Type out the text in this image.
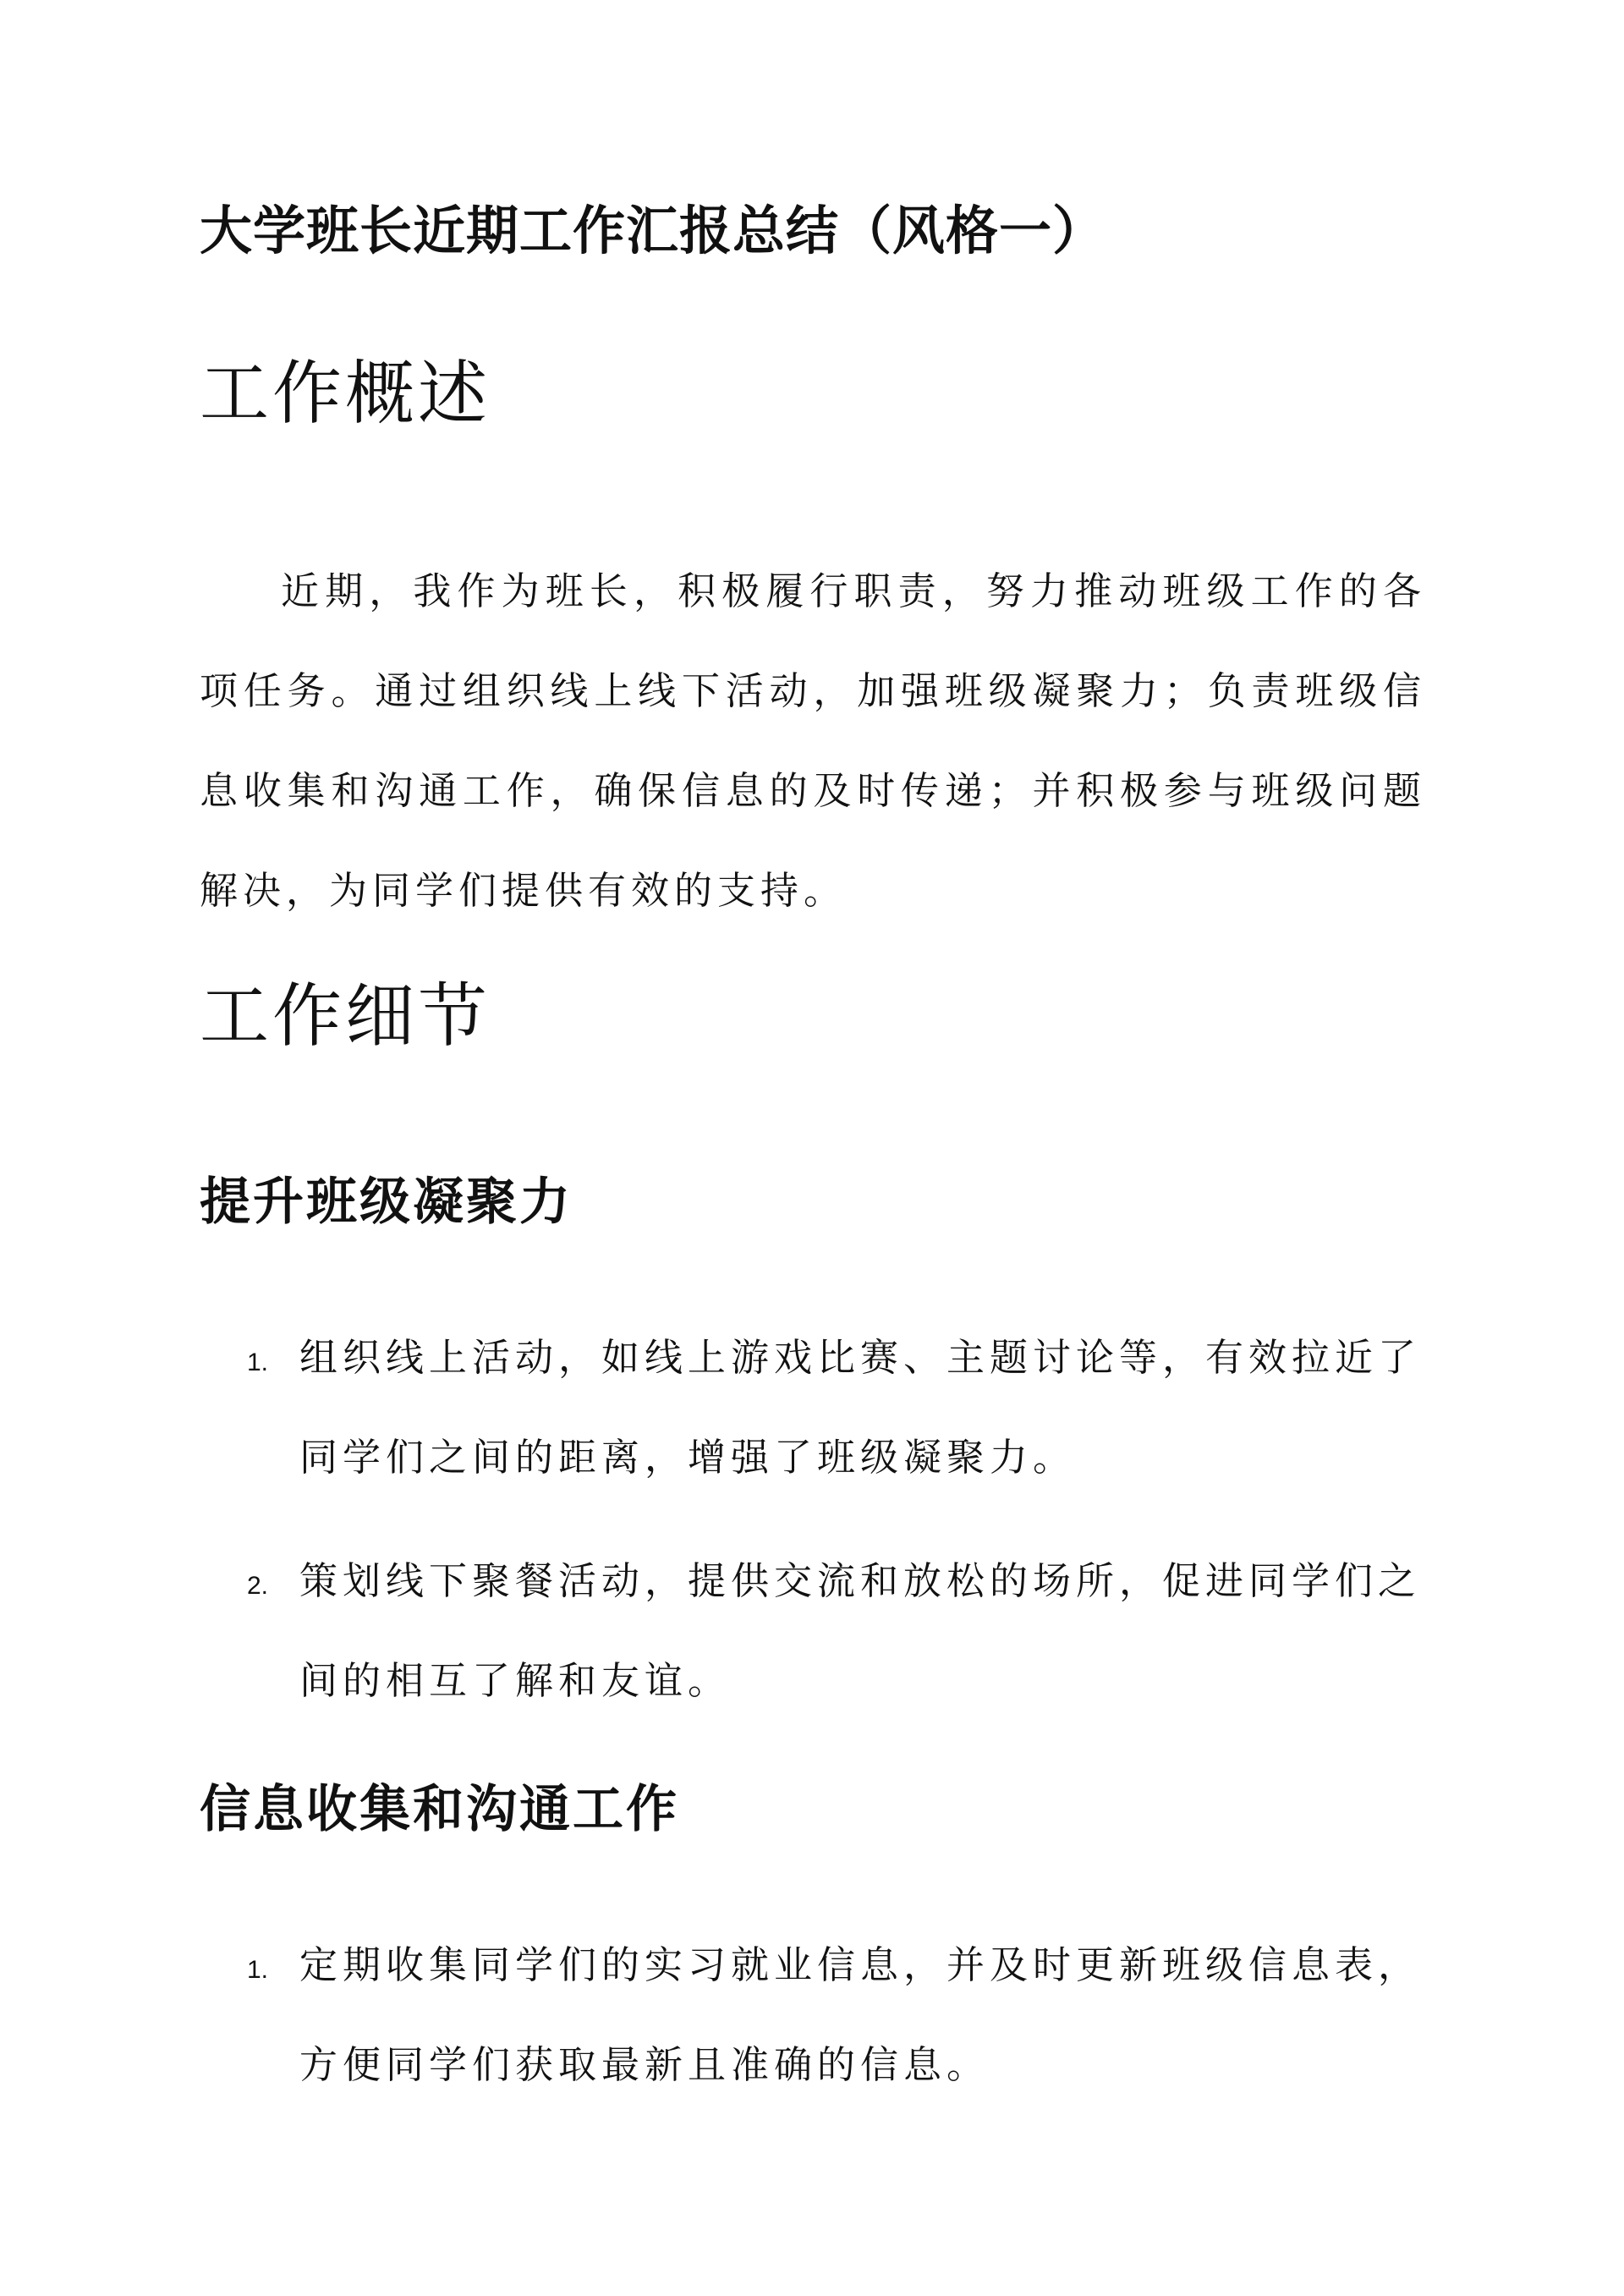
大学班长近期工作汇报总结（风格一）
工作概述

近期，我作为班长，积极履行职责，努力推动班级工作的各项任务。通过组织线上线下活动，加强班级凝聚力；负责班级信息收集和沟通工作，确保信息的及时传递；并积极参与班级问题解决，为同学们提供有效的支持。

工作细节
提升班级凝聚力
1. 组织线上活动，如线上游戏比赛、主题讨论等，有效拉近了同学们之间的距离，增强了班级凝聚力。
2. 策划线下聚餐活动，提供交流和放松的场所，促进同学们之间的相互了解和友谊。
信息收集和沟通工作
1. 定期收集同学们的实习就业信息，并及时更新班级信息表，方便同学们获取最新且准确的信息。
